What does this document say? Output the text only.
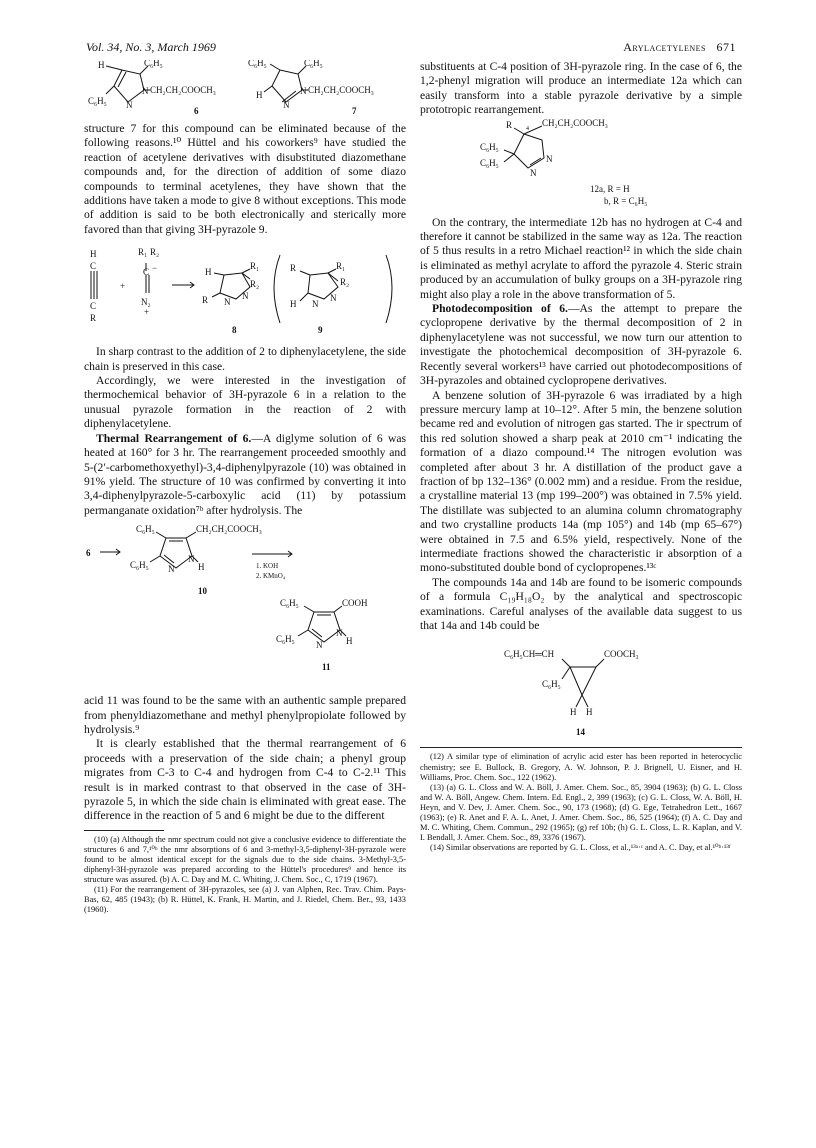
Vol. 34, No. 3, March 1969	Arylacetylenes 671
H	C₆H₅
N
N
CH₂CH₂COOCH₃
C₆H₅
6
C₆H₅	C₆H₅
N
N
H	CH₂CH₂COOCH₃
7

structure 7 for this compound can be eliminated because of the following reasons.¹⁰ Hüttel and his coworkers⁹ have studied the reaction of acetylene derivatives with disubstituted diazomethane compounds and, for the direction of addition of some diazo compounds to terminal acetylenes, they have shown that the additions have taken a mode to give 8 without exceptions. This mode of addition is said to be both electronically and sterically more favored than that giving 3H-pyrazole 9.

H
C
C
R
+
R₁ R₂
C −
N₂
+
H
R₁
R₂
N
N
R
8
R	R₁
R₂
N
N
H
9

In sharp contrast to the addition of 2 to diphenylacetylene, the side chain is preserved in this case.

Accordingly, we were interested in the investigation of thermochemical behavior of 3H-pyrazole 6 in a relation to the unusual pyrazole formation in the reaction of 2 with diphenylacetylene.

Thermal Rearrangement of 6.—A diglyme solution of 6 was heated at 160° for 3 hr. The rearrangement proceeded smoothly and 5-(2′-carbomethoxyethyl)-3,4-diphenylpyrazole (10) was obtained in 91% yield. The structure of 10 was confirmed by converting it into 3,4-diphenylpyrazole-5-carboxylic acid (11) by potassium permanganate oxidation⁷ᵇ after hydrolysis. The

6
C₆H₅	CH₂CH₂COOCH₃
C₆H₅ N
N
H
10
1. KOH
2. KMnO₄
C₆H₅	COOH
C₆H₅
N
N
H
11

acid 11 was found to be the same with an authentic sample prepared from phenyldiazomethane and methyl phenylpropiolate followed by hydrolysis.⁹

It is clearly established that the thermal rearrangement of 6 proceeds with a preservation of the side chain; a phenyl group migrates from C-3 to C-4 and hydrogen from C-4 to C-2.¹¹ This result is in marked contrast to that observed in the case of 3H-pyrazole 5, in which the side chain is eliminated with great ease. The difference in the reaction of 5 and 6 might be due to the different

(10) (a) Although the nmr spectrum could not give a conclusive evidence to differentiate the structures 6 and 7,¹⁰ᵇ the nmr absorptions of 6 and 3-methyl-3,5-diphenyl-3H-pyrazole were found to be almost identical except for the signals due to the side chains. 3-Methyl-3,5-diphenyl-3H-pyrazole was prepared according to the Hüttel's procedures⁹ and hence its structure was assured. (b) A. C. Day and M. C. Whiting, J. Chem. Soc., C, 1719 (1967).

(11) For the rearrangement of 3H-pyrazoles, see (a) J. van Alphen, Rec. Trav. Chim. Pays-Bas, 62, 485 (1943); (b) R. Hüttel, K. Frank, H. Martin, and J. Riedel, Chem. Ber., 93, 1433 (1960).

substituents at C-4 position of 3H-pyrazole ring. In the case of 6, the 1,2-phenyl migration will produce an intermediate 12a which can easily transform into a stable pyrazole derivative by a simple prototropic rearrangement.

R 4
CH₂CH₂COOCH₃
C₆H₅
C₆H₅	N
N
12a, R = H
b, R = C₆H₅

On the contrary, the intermediate 12b has no hydrogen at C-4 and therefore it cannot be stabilized in the same way as 12a. The reaction of 5 thus results in a retro Michael reaction¹² in which the side chain is eliminated as methyl acrylate to afford the pyrazole 4. Steric strain produced by an accumulation of bulky groups on a 3H-pyrazole ring might also play a role in the above transformation of 5.

Photodecomposition of 6.—As the attempt to prepare the cyclopropene derivative by the thermal decomposition of 2 in diphenylacetylene was not successful, we now turn our attention to investigate the photochemical decomposition of 3H-pyrazole 6. Recently several workers¹³ have carried out photodecompositions of 3H-pyrazoles and obtained cyclopropene derivatives.

A benzene solution of 3H-pyrazole 6 was irradiated by a high pressure mercury lamp at 10–12°. After 5 min, the benzene solution became red and evolution of nitrogen gas started. The ir spectrum of this red solution showed a sharp peak at 2010 cm⁻¹ indicating the formation of a diazo compound.¹⁴ The nitrogen evolution was completed after about 3 hr. A distillation of the product gave a fraction of bp 132–136° (0.002 mm) and a residue. From the residue, a crystalline material 13 (mp 199–200°) was obtained in 7.5% yield. The distillate was subjected to an alumina column chromatography and two crystalline products 14a (mp 105°) and 14b (mp 65–67°) were obtained in 7.5 and 6.5% yield, respectively. None of the intermediate fractions showed the characteristic ir absorption of a mono-substituted double bond of cyclopropenes.¹³ᶜ

The compounds 14a and 14b are found to be isomeric compounds of a formula C₁₉H₁₈O₂ by the analytical and spectroscopic examinations. Careful analyses of the available data suggest to us that 14a and 14b could be

C₆H₅CH═CH	COOCH₃
C₆H₅
H H
14

(12) A similar type of elimination of acrylic acid ester has been reported in heterocyclic chemistry; see E. Bullock, B. Gregory, A. W. Johnson, P. J. Brignell, U. Eisner, and H. Williams, Proc. Chem. Soc., 122 (1962).

(13) (a) G. L. Closs and W. A. Böll, J. Amer. Chem. Soc., 85, 3904 (1963); (b) G. L. Closs and W. A. Böll, Angew. Chem. Intern. Ed. Engl., 2, 399 (1963); (c) G. L. Closs, W. A. Böll, H. Heyn, and V. Dev, J. Amer. Chem. Soc., 90, 173 (1968); (d) G. Ege, Tetrahedron Lett., 1667 (1963); (e) R. Anet and F. A. L. Anet, J. Amer. Chem. Soc., 86, 525 (1964); (f) A. C. Day and M. C. Whiting, Chem. Commun., 292 (1965); (g) ref 10b; (h) G. L. Closs, L. R. Kaplan, and V. I. Bendall, J. Amer. Chem. Soc., 89, 3376 (1967).

(14) Similar observations are reported by G. L. Closs, et al.,¹³ᵃ·ᶜ and A. C. Day, et al.¹⁰ᵇ·¹³ᶠ
